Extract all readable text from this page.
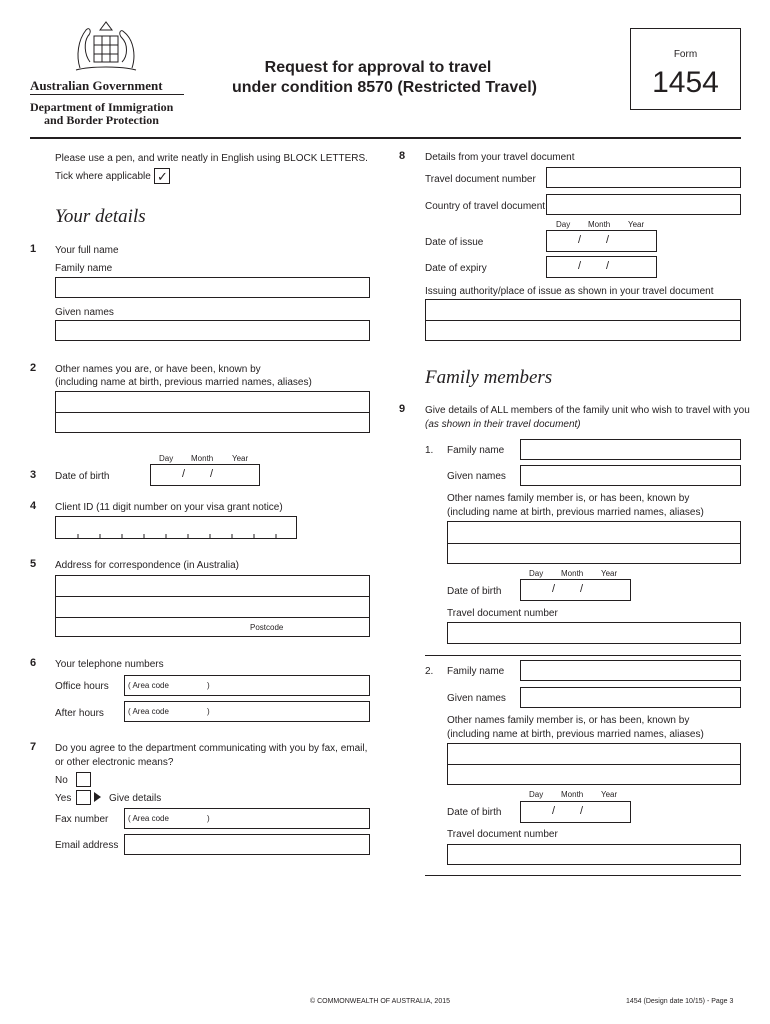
Australian Government
Department of Immigration
and Border Protection
Request for approval to travel
under condition 8570 (Restricted Travel)
Form
1454
Please use a pen, and write neatly in English using BLOCK LETTERS.
Tick where applicable ✓
Your details
1 Your full name
Family name
Given names
2 Other names you are, or have been, known by
(including name at birth, previous married names, aliases)
Day Month Year
3 Date of birth	/ /
4 Client ID (11 digit number on your visa grant notice)
5 Address for correspondence (in Australia)
Postcode
6 Your telephone numbers
Office hours ( Area code	)
After hours	( Area code	)
7 Do you agree to the department communicating with you by fax, email,
or other electronic means?
No
Yes	Give details
Fax number ( Area code	)
Email address
8 Details from your travel document
Travel document number
Country of travel document
Day Month Year
Date of issue	/ /
Date of expiry	/ /
Issuing authority/place of issue as shown in your travel document
Family members
9 Give details of ALL members of the family unit who wish to travel with you
(as shown in their travel document)
1. Family name
Given names
Other names family member is, or has been, known by
(including name at birth, previous married names, aliases)
Day Month Year
Date of birth	/ /
Travel document number
2. Family name
Given names
Other names family member is, or has been, known by
(including name at birth, previous married names, aliases)
Day Month Year
Date of birth	/ /
Travel document number
© COMMONWEALTH OF AUSTRALIA, 2015	1454 (Design date 10/15) - Page 3
